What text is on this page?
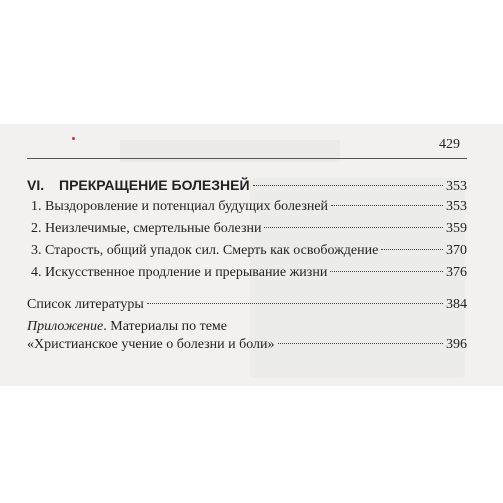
429
VI. ПРЕКРАЩЕНИЕ БОЛЕЗНЕЙ	353
1. Выздоровление и потенциал будущих болезней	353
2. Неизлечимые, смертельные болезни	359
3. Старость, общий упадок сил. Смерть как освобождение	370
4. Искусственное продление и прерывание жизни	376
Список литературы	384
Приложение . Материалы по теме
«Христианское учение о болезни и боли»	396
